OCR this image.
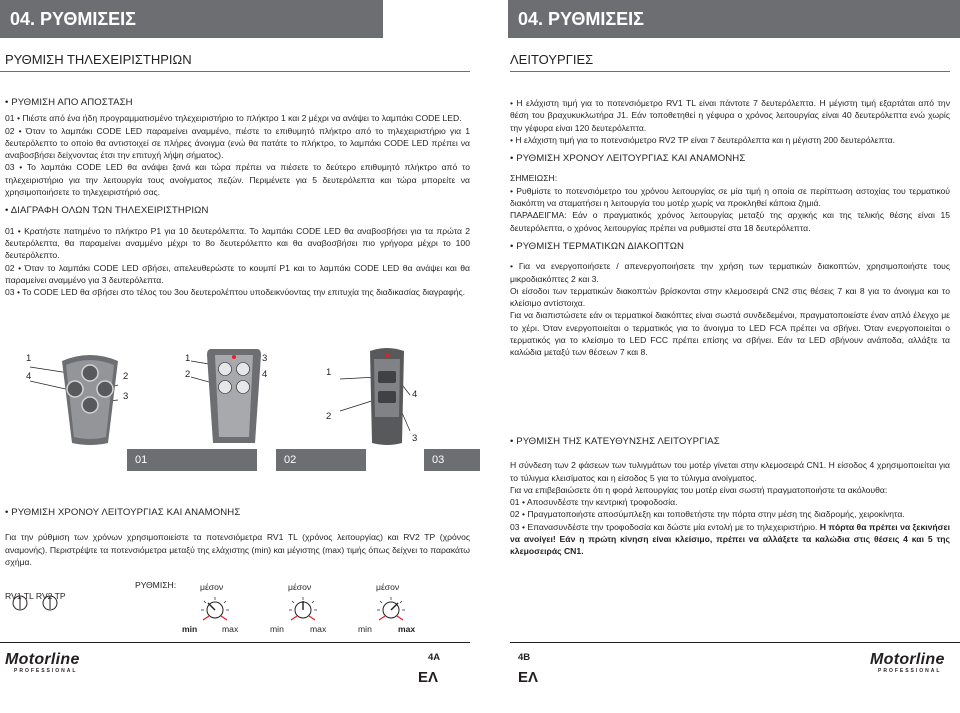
04. ΡΥΘΜΙΣΕΙΣ
ΡΥΘΜΙΣΗ ΤΗΛΕΧΕΙΡΙΣΤΗΡΙΩΝ
• ΡΥΘΜΙΣΗ ΑΠΟ ΑΠΟΣΤΑΣΗ

01 • Πιέστε από ένα ήδη προγραμματισμένο τηλεχειριστήριο το πλήκτρο 1 και 2 μέχρι να ανάψει το λαμπάκι CODE LED.

02 • Όταν το λαμπάκι CODE LED παραμείνει αναμμένο, πιέστε το επιθυμητό πλήκτρο από το τηλεχειριστήριο για 1 δευτερόλεπτο το οποίο θα αντιστοιχεί σε πλήρες άνοιγμα (ενώ θα πατάτε το πλήκτρο, το λαμπάκι CODE LED πρέπει να αναβοσβήσει δείχνοντας έτσι την επιτυχή λήψη σήματος).

03 • Το λαμπάκι CODE LED θα ανάψει ξανά και τώρα πρέπει να πιέσετε το δεύτερο επιθυμητό πλήκτρο από το τηλεχειριστήριο για την λειτουργία τους ανοίγματος πεζών. Περιμένετε για 5 δευτερόλεπτα και τώρα μπορείτε να χρησιμοποιήσετε το τηλεχειριστήριό σας.

• ΔΙΑΓΡΑΦΗ ΟΛΩΝ ΤΩΝ ΤΗΛΕΧΕΙΡΙΣΤΗΡΙΩΝ

01 • Κρατήστε πατημένο το πλήκτρο P1 για 10 δευτερόλεπτα. Το λαμπάκι CODE LED θα αναβοσβήσει για τα πρώτα 2 δευτερόλεπτα, θα παραμείνει αναμμένο μέχρι το 8ο δευτερόλεπτο και θα αναβοσβήσει πιο γρήγορα μέχρι το 100 δευτερόλεπτο.

02 • Όταν το λαμπάκι CODE LED σβήσει, απελευθερώστε το κουμπί P1 και το λαμπάκι CODE LED θα ανάψει και θα παραμείνει αναμμένο για 3 δευτερόλεπτα.

03 • Το CODE LED θα σβήσει στο τέλος του 3ου δευτερολέπτου υποδεικνύοντας την επιτυχία της διαδικασίας διαγραφής.

1
4	2
3
01
1
2
3
4
02
1
2
4
3
03
• ΡΥΘΜΙΣΗ ΧΡΟΝΟΥ ΛΕΙΤΟΥΡΓΙΑΣ ΚΑΙ ΑΝΑΜΟΝΗΣ

Για την ρύθμιση των χρόνων χρησιμοποιείστε τα ποτενσιόμετρα RV1 TL (χρόνος λειτουργίας) και RV2 TP (χρόνος αναμονής). Περιστρέψτε τα ποτενσιόμετρα μεταξύ της ελάχιστης (min) και μέγιστης (max) τιμής όπως δείχνει το παρακάτω σχήμα.

ΡΥΘΜΙΣΗ:	μέσον	μέσον	μέσον
RV1 TL RV2 TP
min	max	min	max	min	max
Motorline
PROFESSIONAL
4A
ΕΛ
04. ΡΥΘΜΙΣΕΙΣ
ΛΕΙΤΟΥΡΓΙΕΣ

• Η ελάχιστη τιμή για το ποτενσιόμετρο RV1 TL είναι πάντοτε 7 δευτερόλεπτα. Η μέγιστη τιμή εξαρτάται από την θέση του βραχυκυκλωτήρα J1. Εάν τοποθετηθεί η γέφυρα ο χρόνος λειτουργίας είναι 40 δευτερόλεπτα ενώ χωρίς την γέφυρα είναι 120 δευτερόλεπτα.

• Η ελάχιστη τιμή για το ποτενσιόμετρο RV2 TP είναι 7 δευτερόλεπτα και η μέγιστη 200 δευτερόλεπτα.

• ΡΥΘΜΙΣΗ ΧΡΟΝΟΥ ΛΕΙΤΟΥΡΓΙΑΣ ΚΑΙ ΑΝΑΜΟΝΗΣ

ΣΗΜΕΙΩΣΗ:

• Ρυθμίστε το ποτενσιόμετρο του χρόνου λειτουργίας σε μία τιμή η οποία σε περίπτωση αστοχίας του τερματικού διακόπτη να σταματήσει η λειτουργία του μοτέρ χωρίς να προκληθεί κάποια ζημιά.

ΠΑΡΑΔΕΙΓΜΑ: Εάν ο πραγματικός χρόνος λειτουργίας μεταξύ της αρχικής και της τελικής θέσης είναι 15 δευτερόλεπτα, ο χρόνος λειτουργίας πρέπει να ρυθμιστεί στα 18 δευτερόλεπτα.

• ΡΥΘΜΙΣΗ ΤΕΡΜΑΤΙΚΩΝ ΔΙΑΚΟΠΤΩΝ

• Για να ενεργοποιήσετε / απενεργοποιήσετε την χρήση των τερματικών διακοπτών, χρησιμοποιήστε τους μικροδιακόπτες 2 και 3.

Οι είσοδοι των τερματικών διακοπτών βρίσκονται στην κλεμοσειρά CN2 στις θέσεις 7 και 8 για το άνοιγμα και το κλείσιμο αντίστοιχα.

Για να διαπιστώσετε εάν οι τερματικοί διακόπτες είναι σωστά συνδεδεμένοι, πραγματοποιείστε έναν απλό έλεγχο με το χέρι. Όταν ενεργοποιείται ο τερματικός για το άνοιγμα το LED FCA πρέπει να σβήνει. Όταν ενεργοποιείται ο τερματικός για το κλείσιμο το LED FCC πρέπει επίσης να σβήνει. Εάν τα LED σβήνουν ανάποδα, αλλάξτε τα καλώδια μεταξύ των θέσεων 7 και 8.

• ΡΥΘΜΙΣΗ ΤΗΣ ΚΑΤΕΥΘΥΝΣΗΣ ΛΕΙΤΟΥΡΓΙΑΣ

Η σύνδεση των 2 φάσεων των τυλιγμάτων του μοτέρ γίνεται στην κλεμοσειρά CN1. Η είσοδος 4 χρησιμοποιείται για το τύλιγμα κλεισίματος και η είσοδος 5 για το τύλιγμα ανοίγματος.

Για να επιβεβαιώσετε ότι η φορά λειτουργίας του μοτέρ είναι σωστή πραγματοποιήστε τα ακόλουθα:

01 • Αποσυνδέστε την κεντρική τροφοδοσία.

02 • Πραγματοποιήστε αποσύμπλεξη και τοποθετήστε την πόρτα στην μέση της διαδρομής, χειροκίνητα.

03 • Επανασυνδέστε την τροφοδοσία και δώστε μία εντολή με το τηλεχειριστήριο. Η πόρτα θα πρέπει να ξεκινήσει να ανοίγει! Εάν η πρώτη κίνηση είναι κλείσιμο, πρέπει να αλλάξετε τα καλώδια στις θέσεις 4 και 5 της κλεμοσειράς CN1.

4B
ΕΛ
Motorline
PROFESSIONAL
